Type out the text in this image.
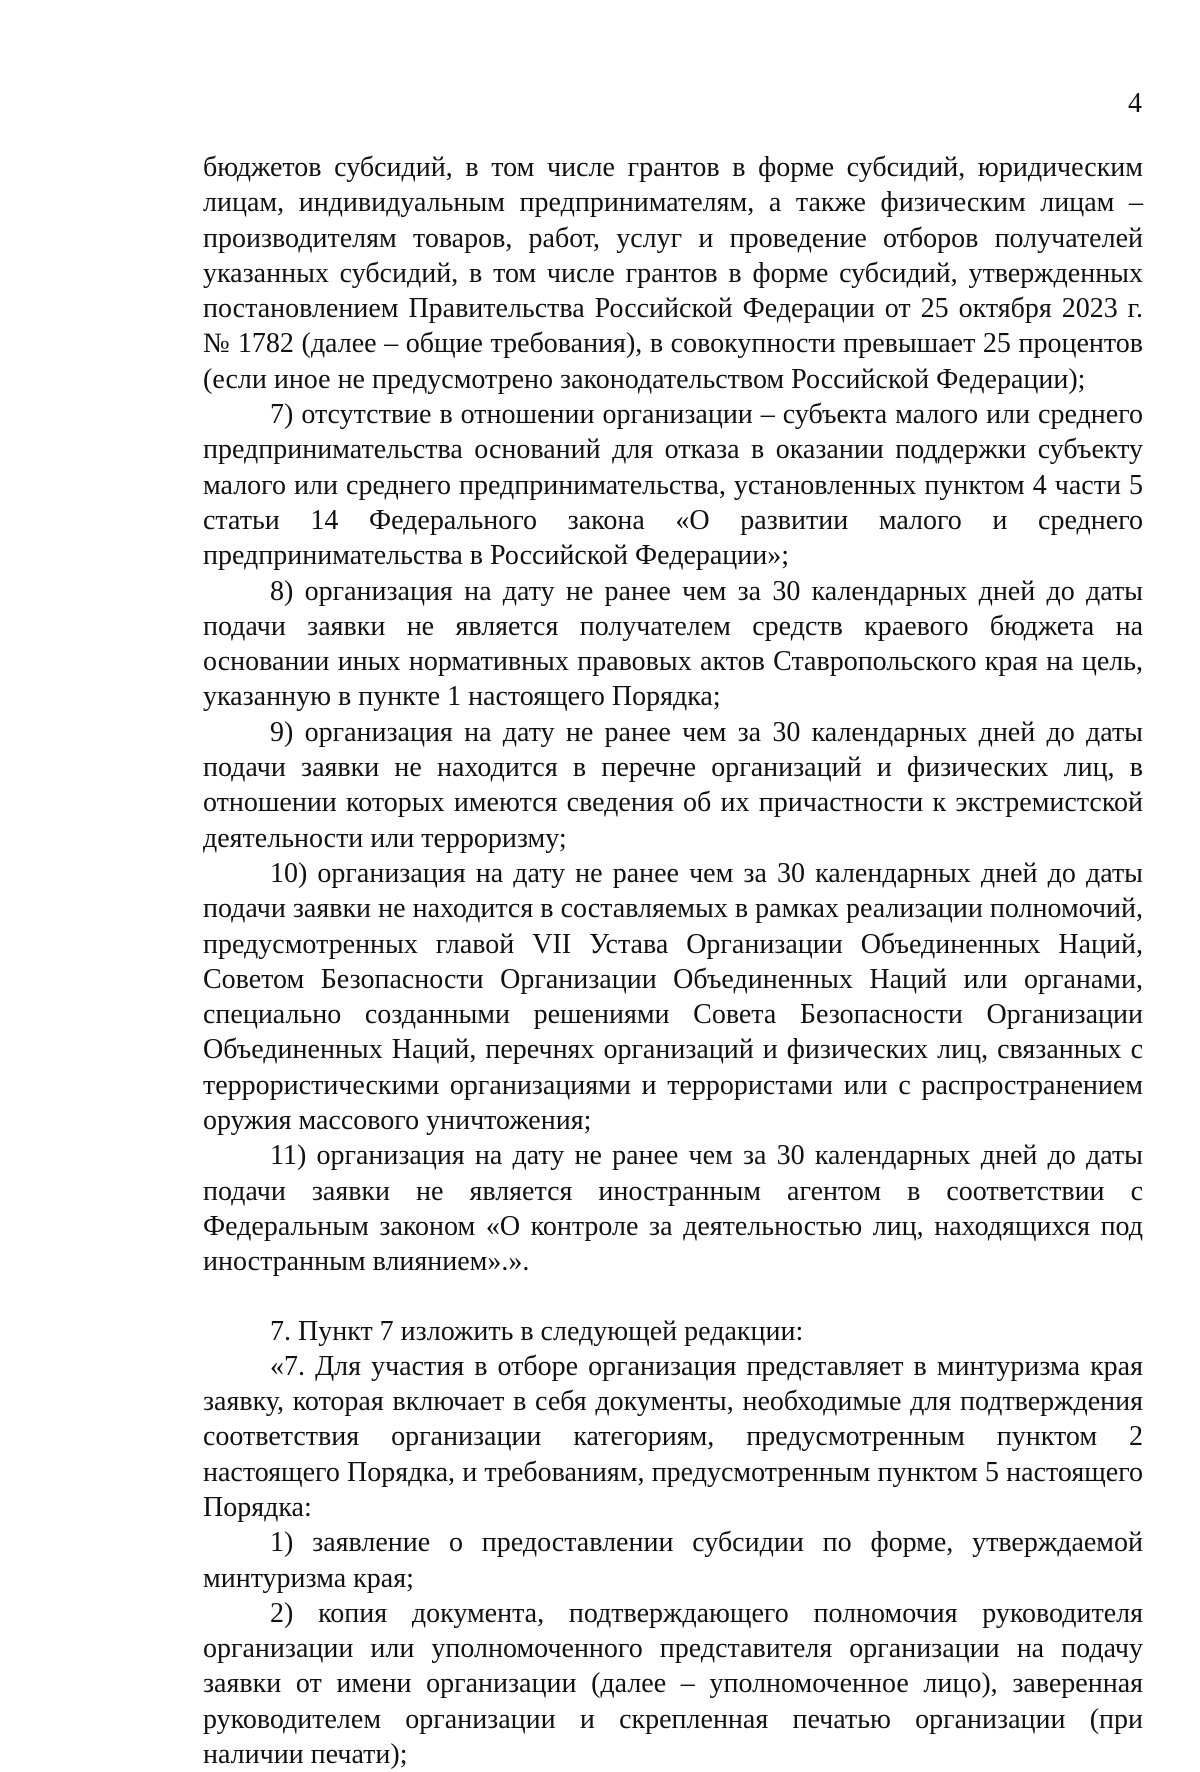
4

бюджетов субсидий, в том числе грантов в форме субсидий, юридическим лицам, индивидуальным предпринимателям, а также физическим лицам – производителям товаров, работ, услуг и проведение отборов получателей указанных субсидий, в том числе грантов в форме субсидий, утвержденных постановлением Правительства Российской Федерации от 25 октября 2023 г. № 1782 (далее – общие требования), в совокупности превышает 25 процентов (если иное не предусмотрено законодательством Российской Федерации);

7) отсутствие в отношении организации – субъекта малого или среднего предпринимательства оснований для отказа в оказании поддержки субъекту малого или среднего предпринимательства, установленных пунктом 4 части 5 статьи 14 Федерального закона «О развитии малого и среднего предпринимательства в Российской Федерации»;

8) организация на дату не ранее чем за 30 календарных дней до даты подачи заявки не является получателем средств краевого бюджета на основании иных нормативных правовых актов Ставропольского края на цель, указанную в пункте 1 настоящего Порядка;

9) организация на дату не ранее чем за 30 календарных дней до даты подачи заявки не находится в перечне организаций и физических лиц, в отношении которых имеются сведения об их причастности к экстремистской деятельности или терроризму;

10) организация на дату не ранее чем за 30 календарных дней до даты подачи заявки не находится в составляемых в рамках реализации полномочий, предусмотренных главой VII Устава Организации Объединенных Наций, Советом Безопасности Организации Объединенных Наций или органами, специально созданными решениями Совета Безопасности Организации Объединенных Наций, перечнях организаций и физических лиц, связанных с террористическими организациями и террористами или с распространением оружия массового уничтожения;

11) организация на дату не ранее чем за 30 календарных дней до даты подачи заявки не является иностранным агентом в соответствии с Федеральным законом «О контроле за деятельностью лиц, находящихся под иностранным влиянием».».

7. Пункт 7 изложить в следующей редакции:

«7. Для участия в отборе организация представляет в минтуризма края заявку, которая включает в себя документы, необходимые для подтверждения соответствия организации категориям, предусмотренным пунктом 2 настоящего Порядка, и требованиям, предусмотренным пунктом 5 настоящего Порядка:

1) заявление о предоставлении субсидии по форме, утверждаемой минтуризма края;

2) копия документа, подтверждающего полномочия руководителя организации или уполномоченного представителя организации на подачу заявки от имени организации (далее – уполномоченное лицо), заверенная руководителем организации и скрепленная печатью организации (при наличии печати);
